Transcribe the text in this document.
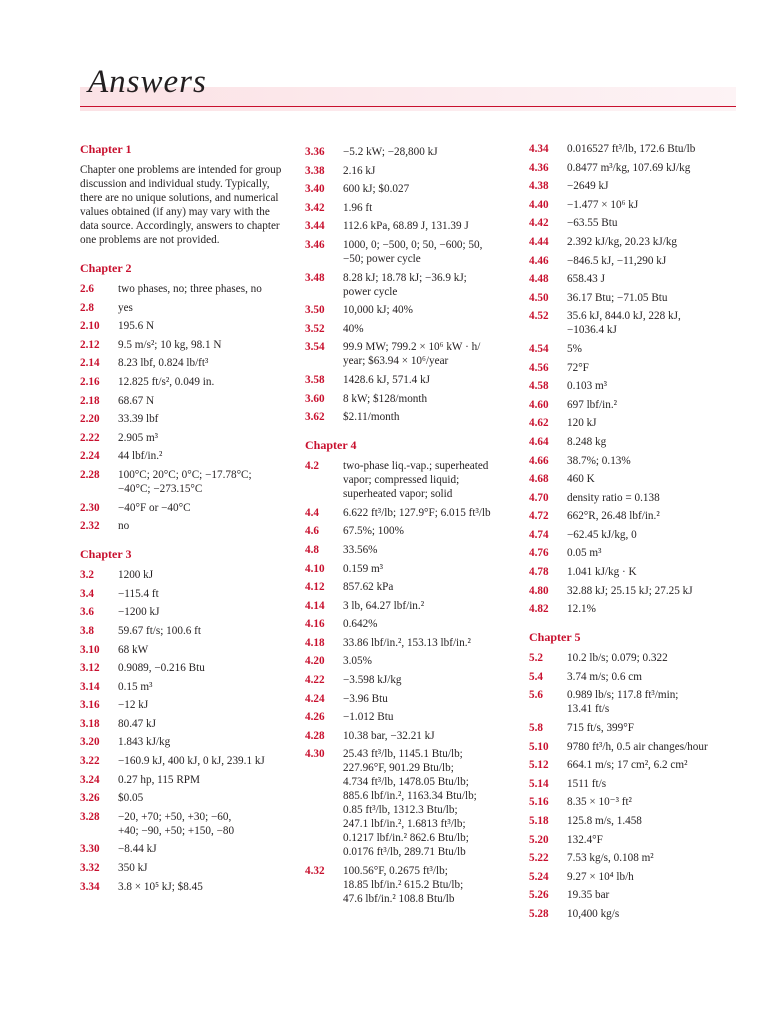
Answers
Chapter 1

Chapter one problems are intended for group discussion and individual study. Typically, there are no unique solutions, and numerical values obtained (if any) may vary with the data source. Accordingly, answers to chapter one problems are not provided.

Chapter 2
2.6	two phases, no; three phases, no
2.8	yes
2.10	195.6 N
2.12	9.5 m/s²; 10 kg, 98.1 N
2.14	8.23 lbf, 0.824 lb/ft³
2.16	12.825 ft/s², 0.049 in.
2.18	68.67 N
2.20	33.39 lbf
2.22	2.905 m³
2.24	44 lbf/in.²
2.28	100°C; 20°C; 0°C; −17.78°C;
−40°C; −273.15°C
2.30	−40°F or −40°C
2.32	no
Chapter 3
3.2	1200 kJ
3.4	−115.4 ft
3.6	−1200 kJ
3.8	59.67 ft/s; 100.6 ft
3.10	68 kW
3.12	0.9089, −0.216 Btu
3.14	0.15 m³
3.16	−12 kJ
3.18	80.47 kJ
3.20	1.843 kJ/kg
3.22	−160.9 kJ, 400 kJ, 0 kJ, 239.1 kJ
3.24	0.27 hp, 115 RPM
3.26	$0.05
3.28	−20, +70; +50, +30; −60,
+40; −90, +50; +150, −80
3.30	−8.44 kJ
3.32	350 kJ
3.34	3.8 × 10⁵ kJ; $8.45
3.36	−5.2 kW; −28,800 kJ
3.38	2.16 kJ
3.40	600 kJ; $0.027
3.42	1.96 ft
3.44	112.6 kPa, 68.89 J, 131.39 J
3.46	1000, 0; −500, 0; 50, −600; 50,
−50; power cycle
3.48	8.28 kJ; 18.78 kJ; −36.9 kJ;
power cycle
3.50	10,000 kJ; 40%
3.52	40%
3.54	99.9 MW; 799.2 × 10⁶ kW · h/
year; $63.94 × 10⁶/year
3.58	1428.6 kJ, 571.4 kJ
3.60	8 kW; $128/month
3.62	$2.11/month
Chapter 4
4.2	two-phase liq.-vap.; superheated
vapor; compressed liquid;
superheated vapor; solid
4.4	6.622 ft³/lb; 127.9°F; 6.015 ft³/lb
4.6	67.5%; 100%
4.8	33.56%
4.10	0.159 m³
4.12	857.62 kPa
4.14	3 lb, 64.27 lbf/in.²
4.16	0.642%
4.18	33.86 lbf/in.², 153.13 lbf/in.²
4.20	3.05%
4.22	−3.598 kJ/kg
4.24	−3.96 Btu
4.26	−1.012 Btu
4.28	10.38 bar, −32.21 kJ
4.30	25.43 ft³/lb, 1145.1 Btu/lb;
227.96°F, 901.29 Btu/lb;
4.734 ft³/lb, 1478.05 Btu/lb;
885.6 lbf/in.², 1163.34 Btu/lb;
0.85 ft³/lb, 1312.3 Btu/lb;
247.1 lbf/in.², 1.6813 ft³/lb;
0.1217 lbf/in.² 862.6 Btu/lb;
0.0176 ft³/lb, 289.71 Btu/lb
4.32	100.56°F, 0.2675 ft³/lb;
18.85 lbf/in.² 615.2 Btu/lb;
47.6 lbf/in.² 108.8 Btu/lb
4.34	0.016527 ft³/lb, 172.6 Btu/lb
4.36	0.8477 m³/kg, 107.69 kJ/kg
4.38	−2649 kJ
4.40	−1.477 × 10⁶ kJ
4.42	−63.55 Btu
4.44	2.392 kJ/kg, 20.23 kJ/kg
4.46	−846.5 kJ, −11,290 kJ
4.48	658.43 J
4.50	36.17 Btu; −71.05 Btu
4.52	35.6 kJ, 844.0 kJ, 228 kJ,
−1036.4 kJ
4.54	5%
4.56	72°F
4.58	0.103 m³
4.60	697 lbf/in.²
4.62	120 kJ
4.64	8.248 kg
4.66	38.7%; 0.13%
4.68	460 K
4.70	density ratio = 0.138
4.72	662°R, 26.48 lbf/in.²
4.74	−62.45 kJ/kg, 0
4.76	0.05 m³
4.78	1.041 kJ/kg · K
4.80	32.88 kJ; 25.15 kJ; 27.25 kJ
4.82	12.1%
Chapter 5
5.2	10.2 lb/s; 0.079; 0.322
5.4	3.74 m/s; 0.6 cm
5.6	0.989 lb/s; 117.8 ft³/min;
13.41 ft/s
5.8	715 ft/s, 399°F
5.10	9780 ft³/h, 0.5 air changes/hour
5.12	664.1 m/s; 17 cm², 6.2 cm²
5.14	1511 ft/s
5.16	8.35 × 10⁻³ ft²
5.18	125.8 m/s, 1.458
5.20	132.4°F
5.22	7.53 kg/s, 0.108 m²
5.24	9.27 × 10⁴ lb/h
5.26	19.35 bar
5.28	10,400 kg/s
